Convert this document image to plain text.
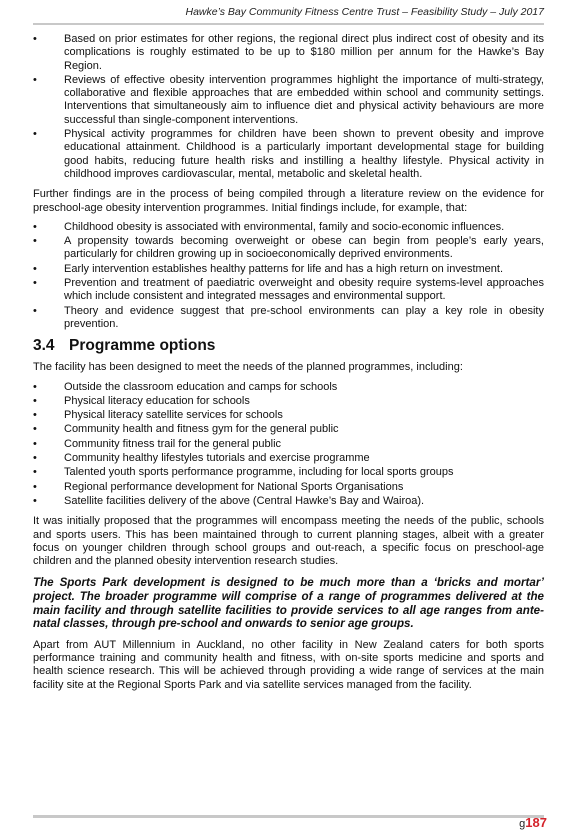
Hawke’s Bay Community Fitness Centre Trust – Feasibility Study – July 2017
•	Based on prior estimates for other regions, the regional direct plus indirect cost of obesity and its complications is roughly estimated to be up to $180 million per annum for the Hawke’s Bay Region.
•	Reviews of effective obesity intervention programmes highlight the importance of multi-strategy, collaborative and flexible approaches that are embedded within school and community settings. Interventions that simultaneously aim to influence diet and physical activity behaviours are more successful than single-component interventions.
•	Physical activity programmes for children have been shown to prevent obesity and improve educational attainment. Childhood is a particularly important developmental stage for building good habits, reducing future health risks and instilling a healthy lifestyle. Physical activity in childhood improves cardiovascular, mental, metabolic and skeletal health.

Further findings are in the process of being compiled through a literature review on the evidence for preschool-age obesity intervention programmes. Initial findings include, for example, that:

•	Childhood obesity is associated with environmental, family and socio-economic influences.
•	A propensity towards becoming overweight or obese can begin from people’s early years, particularly for children growing up in socioeconomically deprived environments.
•	Early intervention establishes healthy patterns for life and has a high return on investment.
•	Prevention and treatment of paediatric overweight and obesity require systems-level approaches which include consistent and integrated messages and environmental support.
•	Theory and evidence suggest that pre-school environments can play a key role in obesity prevention.
3.4 Programme options

The facility has been designed to meet the needs of the planned programmes, including:

•	Outside the classroom education and camps for schools
•	Physical literacy education for schools
•	Physical literacy satellite services for schools
•	Community health and fitness gym for the general public
•	Community fitness trail for the general public
•	Community healthy lifestyles tutorials and exercise programme
•	Talented youth sports performance programme, including for local sports groups
•	Regional performance development for National Sports Organisations
•	Satellite facilities delivery of the above (Central Hawke’s Bay and Wairoa).

It was initially proposed that the programmes will encompass meeting the needs of the public, schools and sports users. This has been maintained through to current planning stages, albeit with a greater focus on younger children through school groups and out-reach, a specific focus on preschool-age children and the planned obesity intervention research studies.

The Sports Park development is designed to be much more than a ‘bricks and mortar’ project. The broader programme will comprise of a range of programmes delivered at the main facility and through satellite facilities to provide services to all age ranges from ante-natal classes, through pre-school and onwards to senior age groups.

Apart from AUT Millennium in Auckland, no other facility in New Zealand caters for both sports performance training and community health and fitness, with on-site sports medicine and sports and health science research. This will be achieved through providing a wide range of services at the main facility site at the Regional Sports Park and via satellite services managed from the facility.

g187
